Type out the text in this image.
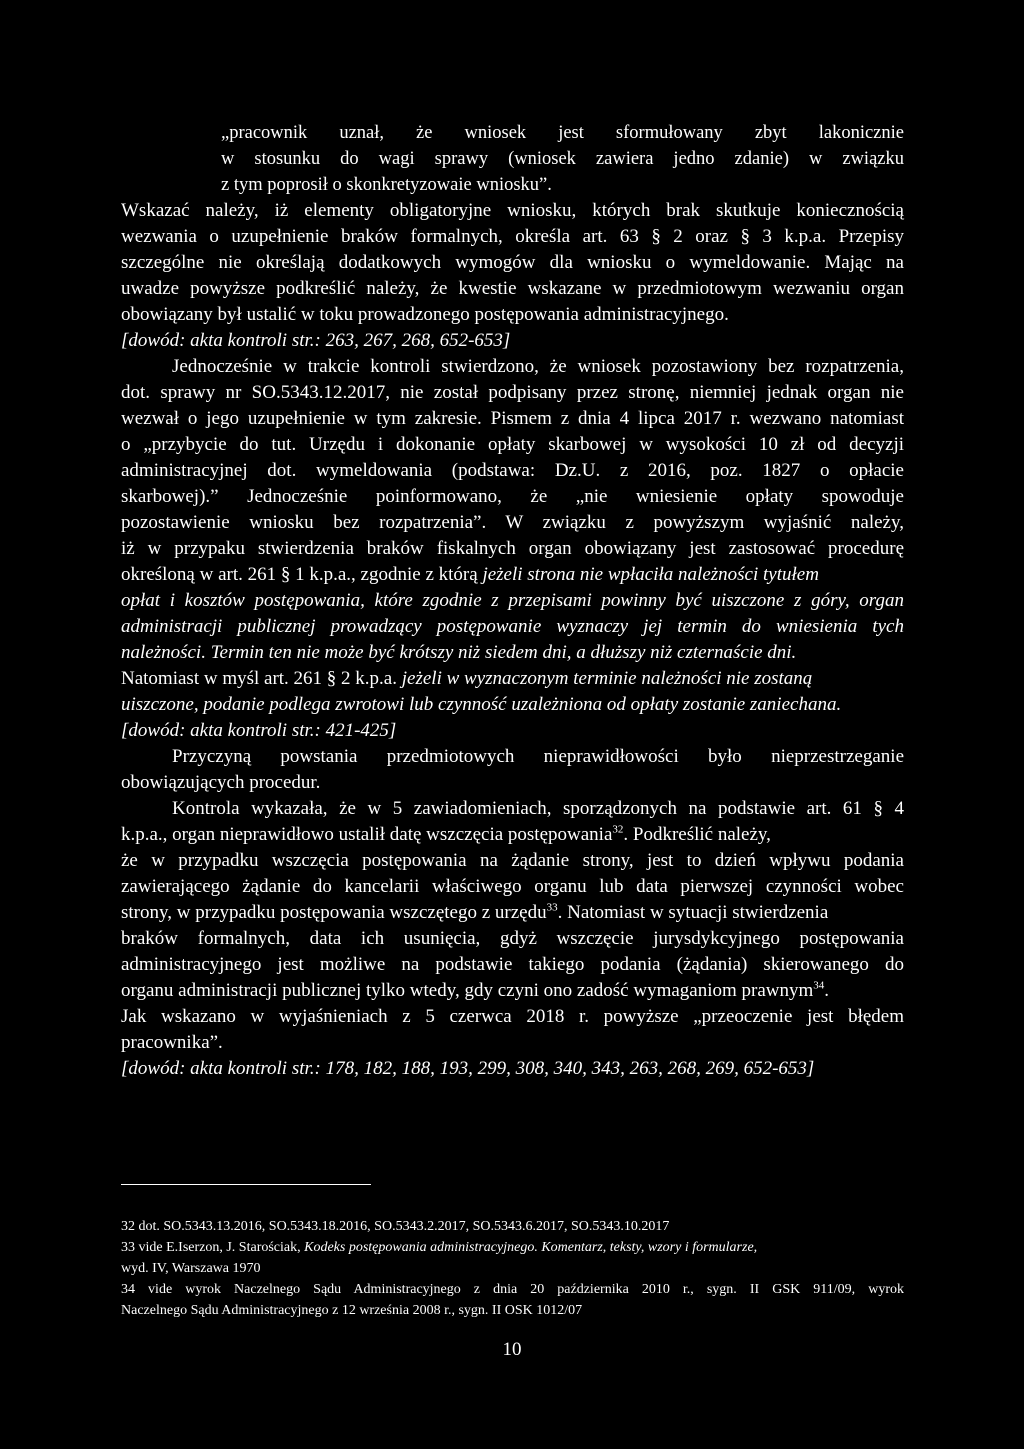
„pracownik uznał, że wniosek jest sformułowany zbyt lakonicznie
w stosunku do wagi sprawy (wniosek zawiera jedno zdanie) w związku
z tym poprosił o skonkretyzowaie wniosku”.
Wskazać należy, iż elementy obligatoryjne wniosku, których brak skutkuje koniecznością
wezwania o uzupełnienie braków formalnych, określa art. 63 § 2 oraz § 3 k.p.a. Przepisy
szczególne nie określają dodatkowych wymogów dla wniosku o wymeldowanie. Mając na
uwadze powyższe podkreślić należy, że kwestie wskazane w przedmiotowym wezwaniu organ
obowiązany był ustalić w toku prowadzonego postępowania administracyjnego.
[dowód: akta kontroli str.: 263, 267, 268, 652-653]
Jednocześnie w trakcie kontroli stwierdzono, że wniosek pozostawiony bez rozpatrzenia,
dot. sprawy nr SO.5343.12.2017, nie został podpisany przez stronę, niemniej jednak organ nie
wezwał o jego uzupełnienie w tym zakresie. Pismem z dnia 4 lipca 2017 r. wezwano natomiast
o „przybycie do tut. Urzędu i dokonanie opłaty skarbowej w wysokości 10 zł od decyzji
administracyjnej dot. wymeldowania (podstawa: Dz.U. z 2016, poz. 1827 o opłacie
skarbowej).” Jednocześnie poinformowano, że „nie wniesienie opłaty spowoduje
pozostawienie wniosku bez rozpatrzenia”. W związku z powyższym wyjaśnić należy,
iż w przypaku stwierdzenia braków fiskalnych organ obowiązany jest zastosować procedurę
określoną w art. 261 § 1 k.p.a., zgodnie z którą jeżeli strona nie wpłaciła należności tytułem
opłat i kosztów postępowania, które zgodnie z przepisami powinny być uiszczone z góry, organ
administracji publicznej prowadzący postępowanie wyznaczy jej termin do wniesienia tych
należności. Termin ten nie może być krótszy niż siedem dni, a dłuższy niż czternaście dni.
Natomiast w myśl art. 261 § 2 k.p.a. jeżeli w wyznaczonym terminie należności nie zostaną
uiszczone, podanie podlega zwrotowi lub czynność uzależniona od opłaty zostanie zaniechana.
[dowód: akta kontroli str.: 421-425]
Przyczyną powstania przedmiotowych nieprawidłowości było nieprzestrzeganie
obowiązujących procedur.
Kontrola wykazała, że w 5 zawiadomieniach, sporządzonych na podstawie art. 61 § 4
k.p.a., organ nieprawidłowo ustalił datę wszczęcia postępowania$^{32}$. Podkreślić należy,
że w przypadku wszczęcia postępowania na żądanie strony, jest to dzień wpływu podania
zawierającego żądanie do kancelarii właściwego organu lub data pierwszej czynności wobec
strony, w przypadku postępowania wszczętego z urzędu$^{33}$. Natomiast w sytuacji stwierdzenia
braków formalnych, data ich usunięcia, gdyż wszczęcie jurysdykcyjnego postępowania
administracyjnego jest możliwe na podstawie takiego podania (żądania) skierowanego do
organu administracji publicznej tylko wtedy, gdy czyni ono zadość wymaganiom prawnym$^{34}$.
Jak wskazano w wyjaśnieniach z 5 czerwca 2018 r. powyższe „przeoczenie jest błędem
pracownika”.
[dowód: akta kontroli str.: 178, 182, 188, 193, 299, 308, 340, 343, 263, 268, 269, 652-653]
32 dot. SO.5343.13.2016, SO.5343.18.2016, SO.5343.2.2017, SO.5343.6.2017, SO.5343.10.2017
33 vide E.Iserzon, J. Starościak, Kodeks postępowania administracyjnego. Komentarz, teksty, wzory i formularze,
wyd. IV, Warszawa 1970
34 vide wyrok Naczelnego Sądu Administracyjnego z dnia 20 października 2010 r., sygn. II GSK 911/09, wyrok
Naczelnego Sądu Administracyjnego z 12 września 2008 r., sygn. II OSK 1012/07
10
